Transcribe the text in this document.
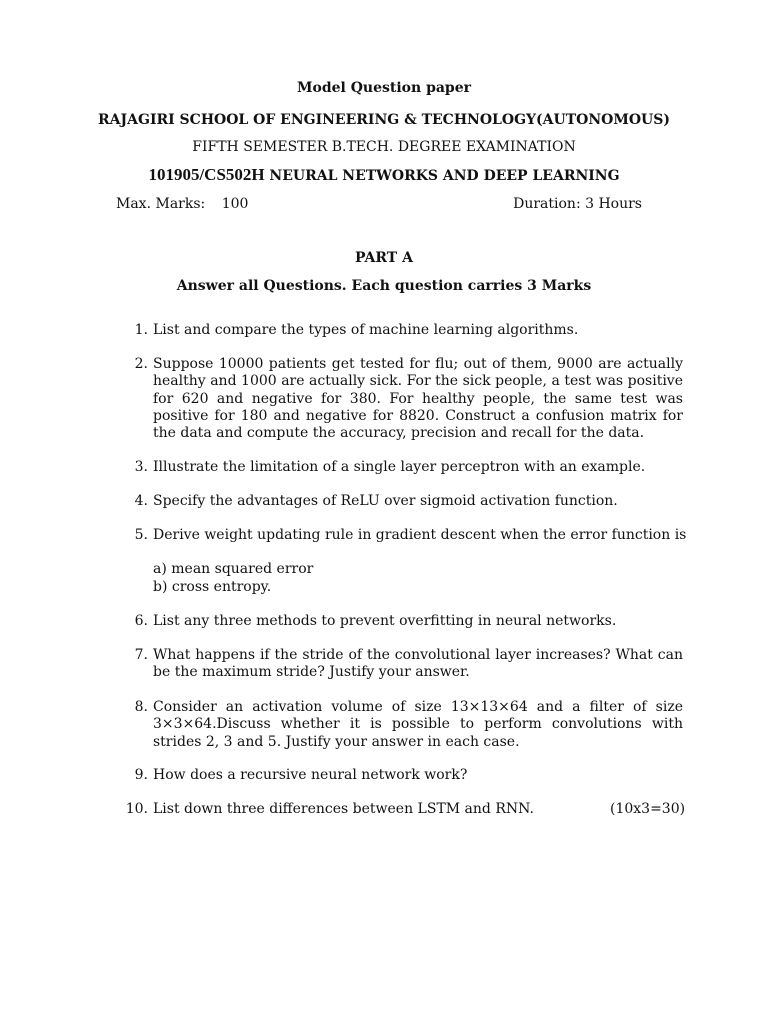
Model Question paper
RAJAGIRI SCHOOL OF ENGINEERING & TECHNOLOGY(AUTONOMOUS)
FIFTH SEMESTER B.TECH. DEGREE EXAMINATION
101905/CS502H NEURAL NETWORKS AND DEEP LEARNING
Max. Marks: 100	Duration: 3 Hours
PART A
Answer all Questions. Each question carries 3 Marks
1. List and compare the types of machine learning algorithms.
2. Suppose 10000 patients get tested for flu; out of them, 9000 are actually healthy and 1000 are actually sick. For the sick people, a test was positive for 620 and negative for 380. For healthy people, the same test was positive for 180 and negative for 8820. Construct a confusion matrix for the data and compute the accuracy, precision and recall for the data.
3. Illustrate the limitation of a single layer perceptron with an example.
4. Specify the advantages of ReLU over sigmoid activation function.
5. Derive weight updating rule in gradient descent when the error function is
a) mean squared error
b) cross entropy.
6. List any three methods to prevent overfitting in neural networks.
7. What happens if the stride of the convolutional layer increases? What can be the maximum stride? Justify your answer.
8. Consider an activation volume of size 13×13×64 and a filter of size 3×3×64.Discuss whether it is possible to perform convolutions with strides 2, 3 and 5. Justify your answer in each case.
9. How does a recursive neural network work?
10. List down three differences between LSTM and RNN.	(10x3=30)
